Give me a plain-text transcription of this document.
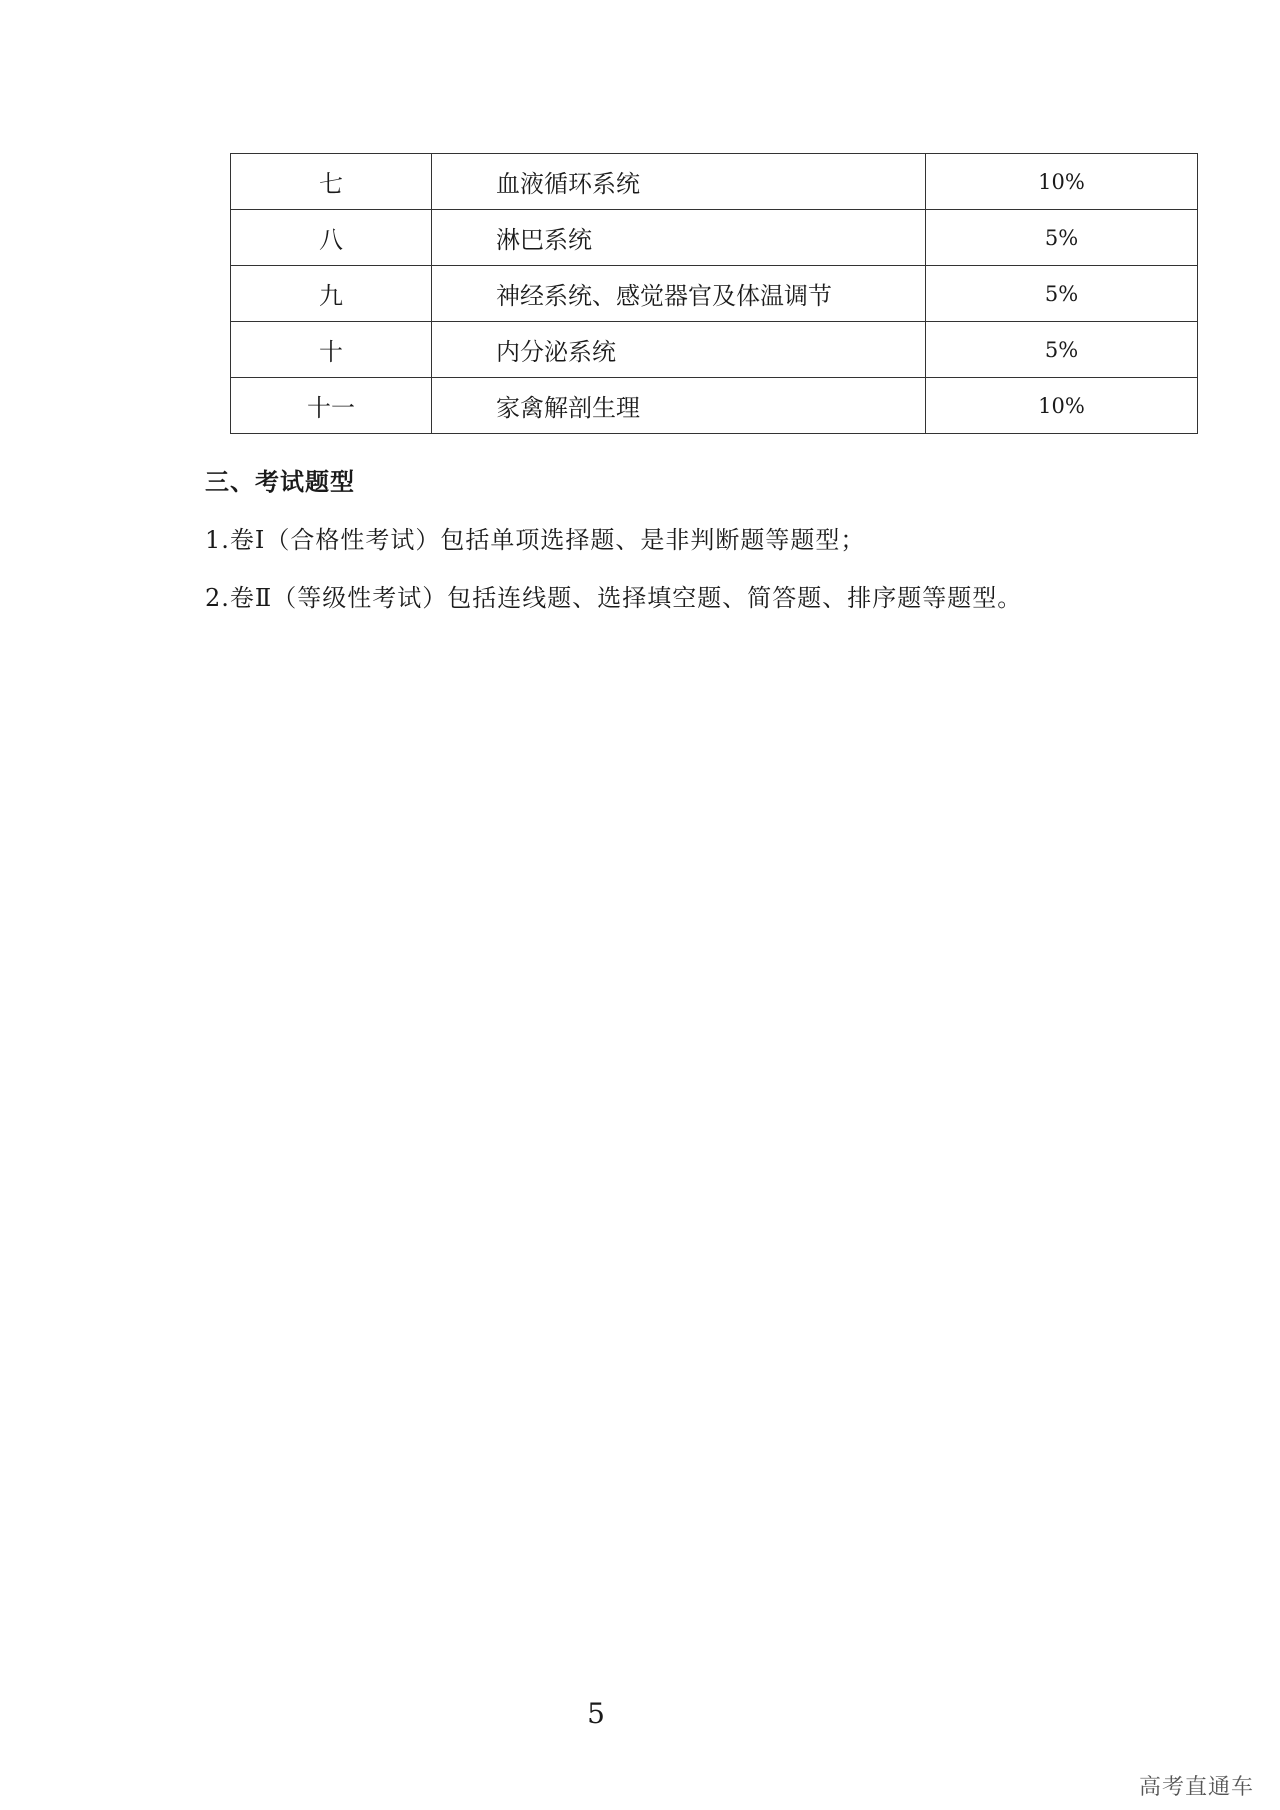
七	血液循环系统	10%
八	淋巴系统	5%
九	神经系统、感觉器官及体温调节	5%
十	内分泌系统	5%
十一	家禽解剖生理	10%
三、考试题型
1.卷Ⅰ（合格性考试）包括单项选择题、是非判断题等题型；
2.卷Ⅱ（等级性考试）包括连线题、选择填空题、简答题、排序题等题型。
5
高考直通车
